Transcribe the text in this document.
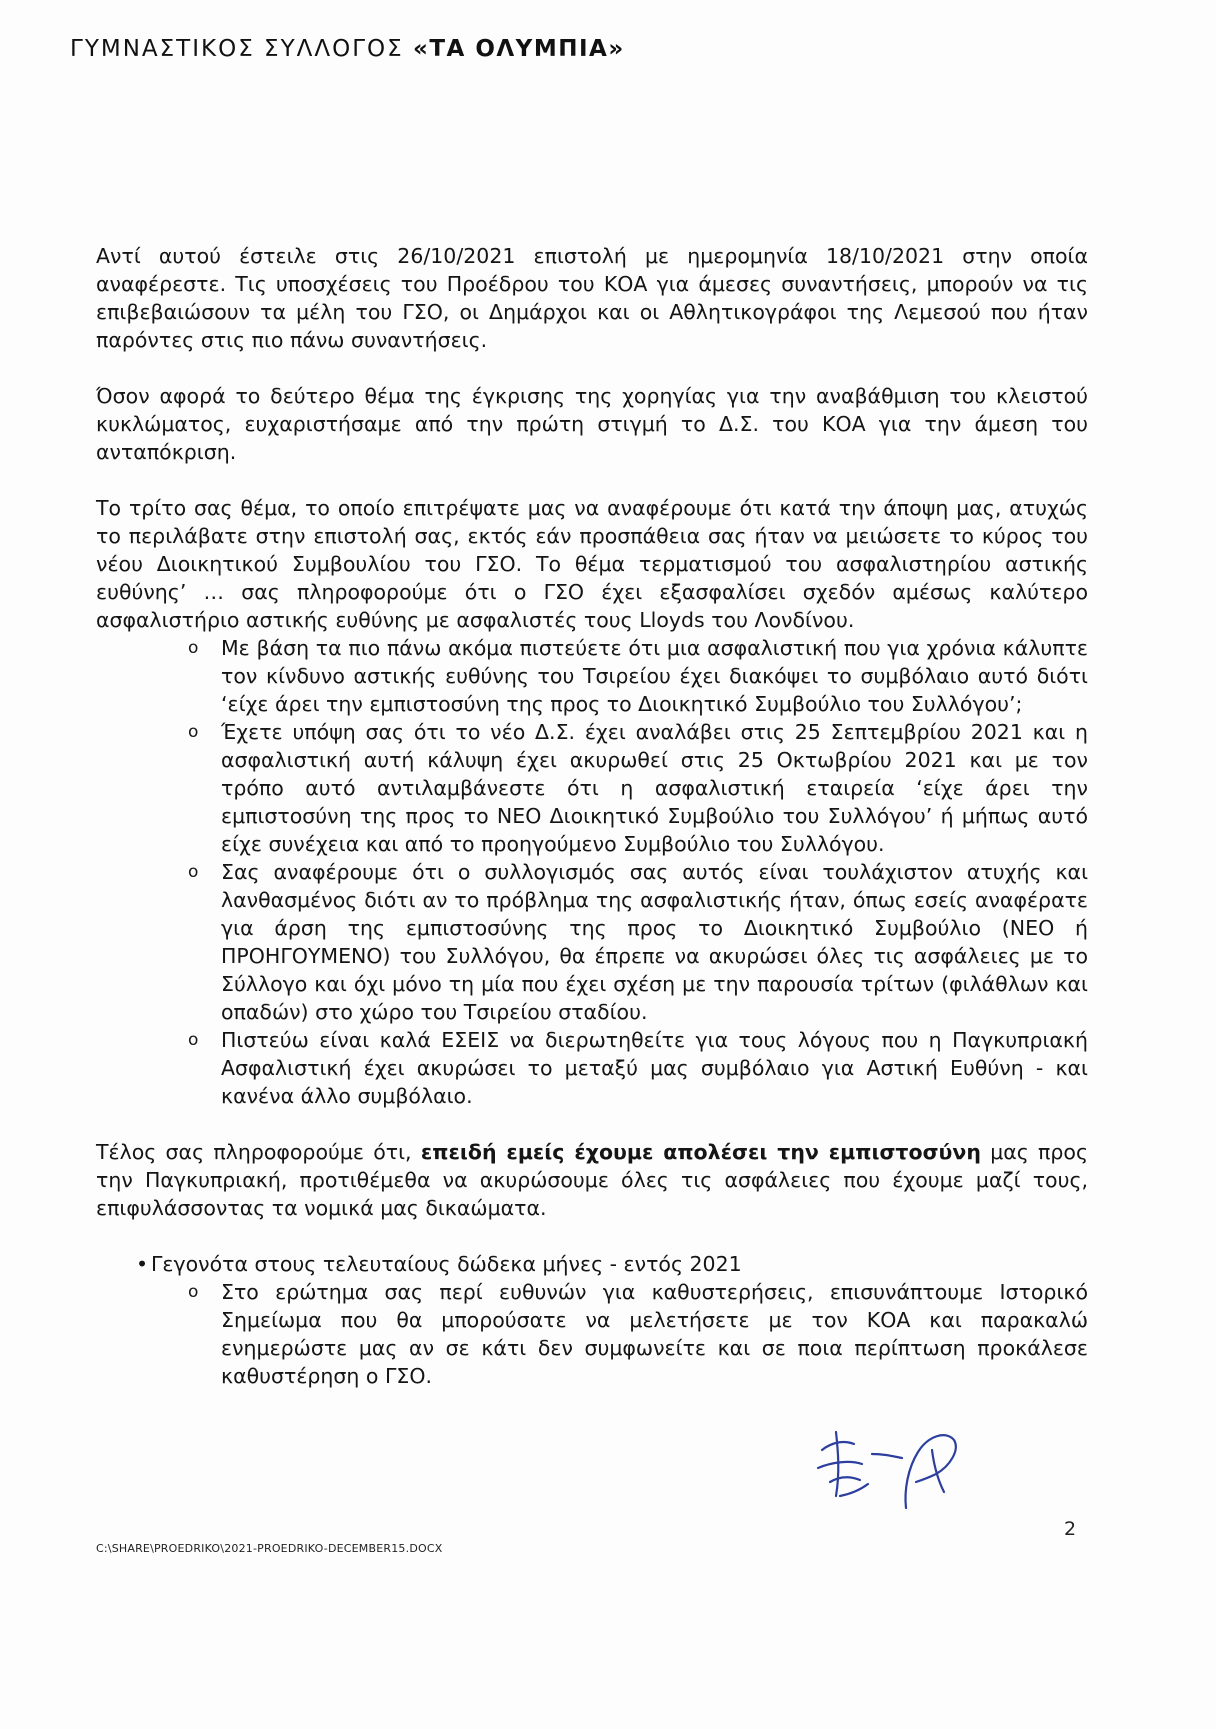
ΓΥΜΝΑΣΤΙΚΟΣ ΣΥΛΛΟΓΟΣ «ΤΑ ΟΛΥΜΠΙΑ»

Αντί αυτού έστειλε στις 26/10/2021 επιστολή με ημερομηνία 18/10/2021 στην οποία αναφέρεστε. Τις υποσχέσεις του Προέδρου του ΚΟΑ για άμεσες συναντήσεις, μπορούν να τις επιβεβαιώσουν τα μέλη του ΓΣΟ, οι Δημάρχοι και οι Αθλητικογράφοι της Λεμεσού που ήταν παρόντες στις πιο πάνω συναντήσεις.

Όσον αφορά το δεύτερο θέμα της έγκρισης της χορηγίας για την αναβάθμιση του κλειστού κυκλώματος, ευχαριστήσαμε από την πρώτη στιγμή το Δ.Σ. του ΚΟΑ για την άμεση του ανταπόκριση.

Το τρίτο σας θέμα, το οποίο επιτρέψατε μας να αναφέρουμε ότι κατά την άποψη μας, ατυχώς το περιλάβατε στην επιστολή σας, εκτός εάν προσπάθεια σας ήταν να μειώσετε το κύρος του νέου Διοικητικού Συμβουλίου του ΓΣΟ. Το θέμα τερματισμού του ασφαλιστηρίου αστικής ευθύνης’ … σας πληροφορούμε ότι ο ΓΣΟ έχει εξασφαλίσει σχεδόν αμέσως καλύτερο ασφαλιστήριο αστικής ευθύνης με ασφαλιστές τους Lloyds του Λονδίνου.

o Με βάση τα πιο πάνω ακόμα πιστεύετε ότι μια ασφαλιστική που για χρόνια κάλυπτε τον κίνδυνο αστικής ευθύνης του Τσιρείου έχει διακόψει το συμβόλαιο αυτό διότι ‘είχε άρει την εμπιστοσύνη της προς το Διοικητικό Συμβούλιο του Συλλόγου’;
o Έχετε υπόψη σας ότι το νέο Δ.Σ. έχει αναλάβει στις 25 Σεπτεμβρίου 2021 και η ασφαλιστική αυτή κάλυψη έχει ακυρωθεί στις 25 Οκτωβρίου 2021 και με τον τρόπο αυτό αντιλαμβάνεστε ότι η ασφαλιστική εταιρεία ‘είχε άρει την εμπιστοσύνη της προς το ΝΕΟ Διοικητικό Συμβούλιο του Συλλόγου’ ή μήπως αυτό είχε συνέχεια και από το προηγούμενο Συμβούλιο του Συλλόγου.
o Σας αναφέρουμε ότι ο συλλογισμός σας αυτός είναι τουλάχιστον ατυχής και λανθασμένος διότι αν το πρόβλημα της ασφαλιστικής ήταν, όπως εσείς αναφέρατε για άρση της εμπιστοσύνης της προς το Διοικητικό Συμβούλιο (ΝΕΟ ή ΠΡΟΗΓΟΥΜΕΝΟ) του Συλλόγου, θα έπρεπε να ακυρώσει όλες τις ασφάλειες με το Σύλλογο και όχι μόνο τη μία που έχει σχέση με την παρουσία τρίτων (φιλάθλων και οπαδών) στο χώρο του Τσιρείου σταδίου.
o Πιστεύω είναι καλά ΕΣΕΙΣ να διερωτηθείτε για τους λόγους που η Παγκυπριακή Ασφαλιστική έχει ακυρώσει το μεταξύ μας συμβόλαιο για Αστική Ευθύνη - και κανένα άλλο συμβόλαιο.

Τέλος σας πληροφορούμε ότι, επειδή εμείς έχουμε απολέσει την εμπιστοσύνη μας προς την Παγκυπριακή, προτιθέμεθα να ακυρώσουμε όλες τις ασφάλειες που έχουμε μαζί τους, επιφυλάσσοντας τα νομικά μας δικαώματα.

• Γεγονότα στους τελευταίους δώδεκα μήνες - εντός 2021
o Στο ερώτημα σας περί ευθυνών για καθυστερήσεις, επισυνάπτουμε Ιστορικό Σημείωμα που θα μπορούσατε να μελετήσετε με τον ΚΟΑ και παρακαλώ ενημερώστε μας αν σε κάτι δεν συμφωνείτε και σε ποια περίπτωση προκάλεσε καθυστέρηση ο ΓΣΟ.
2
C:\SHARE\PROEDRIKO\2021-PROEDRIKO-DECEMBER15.DOCX
